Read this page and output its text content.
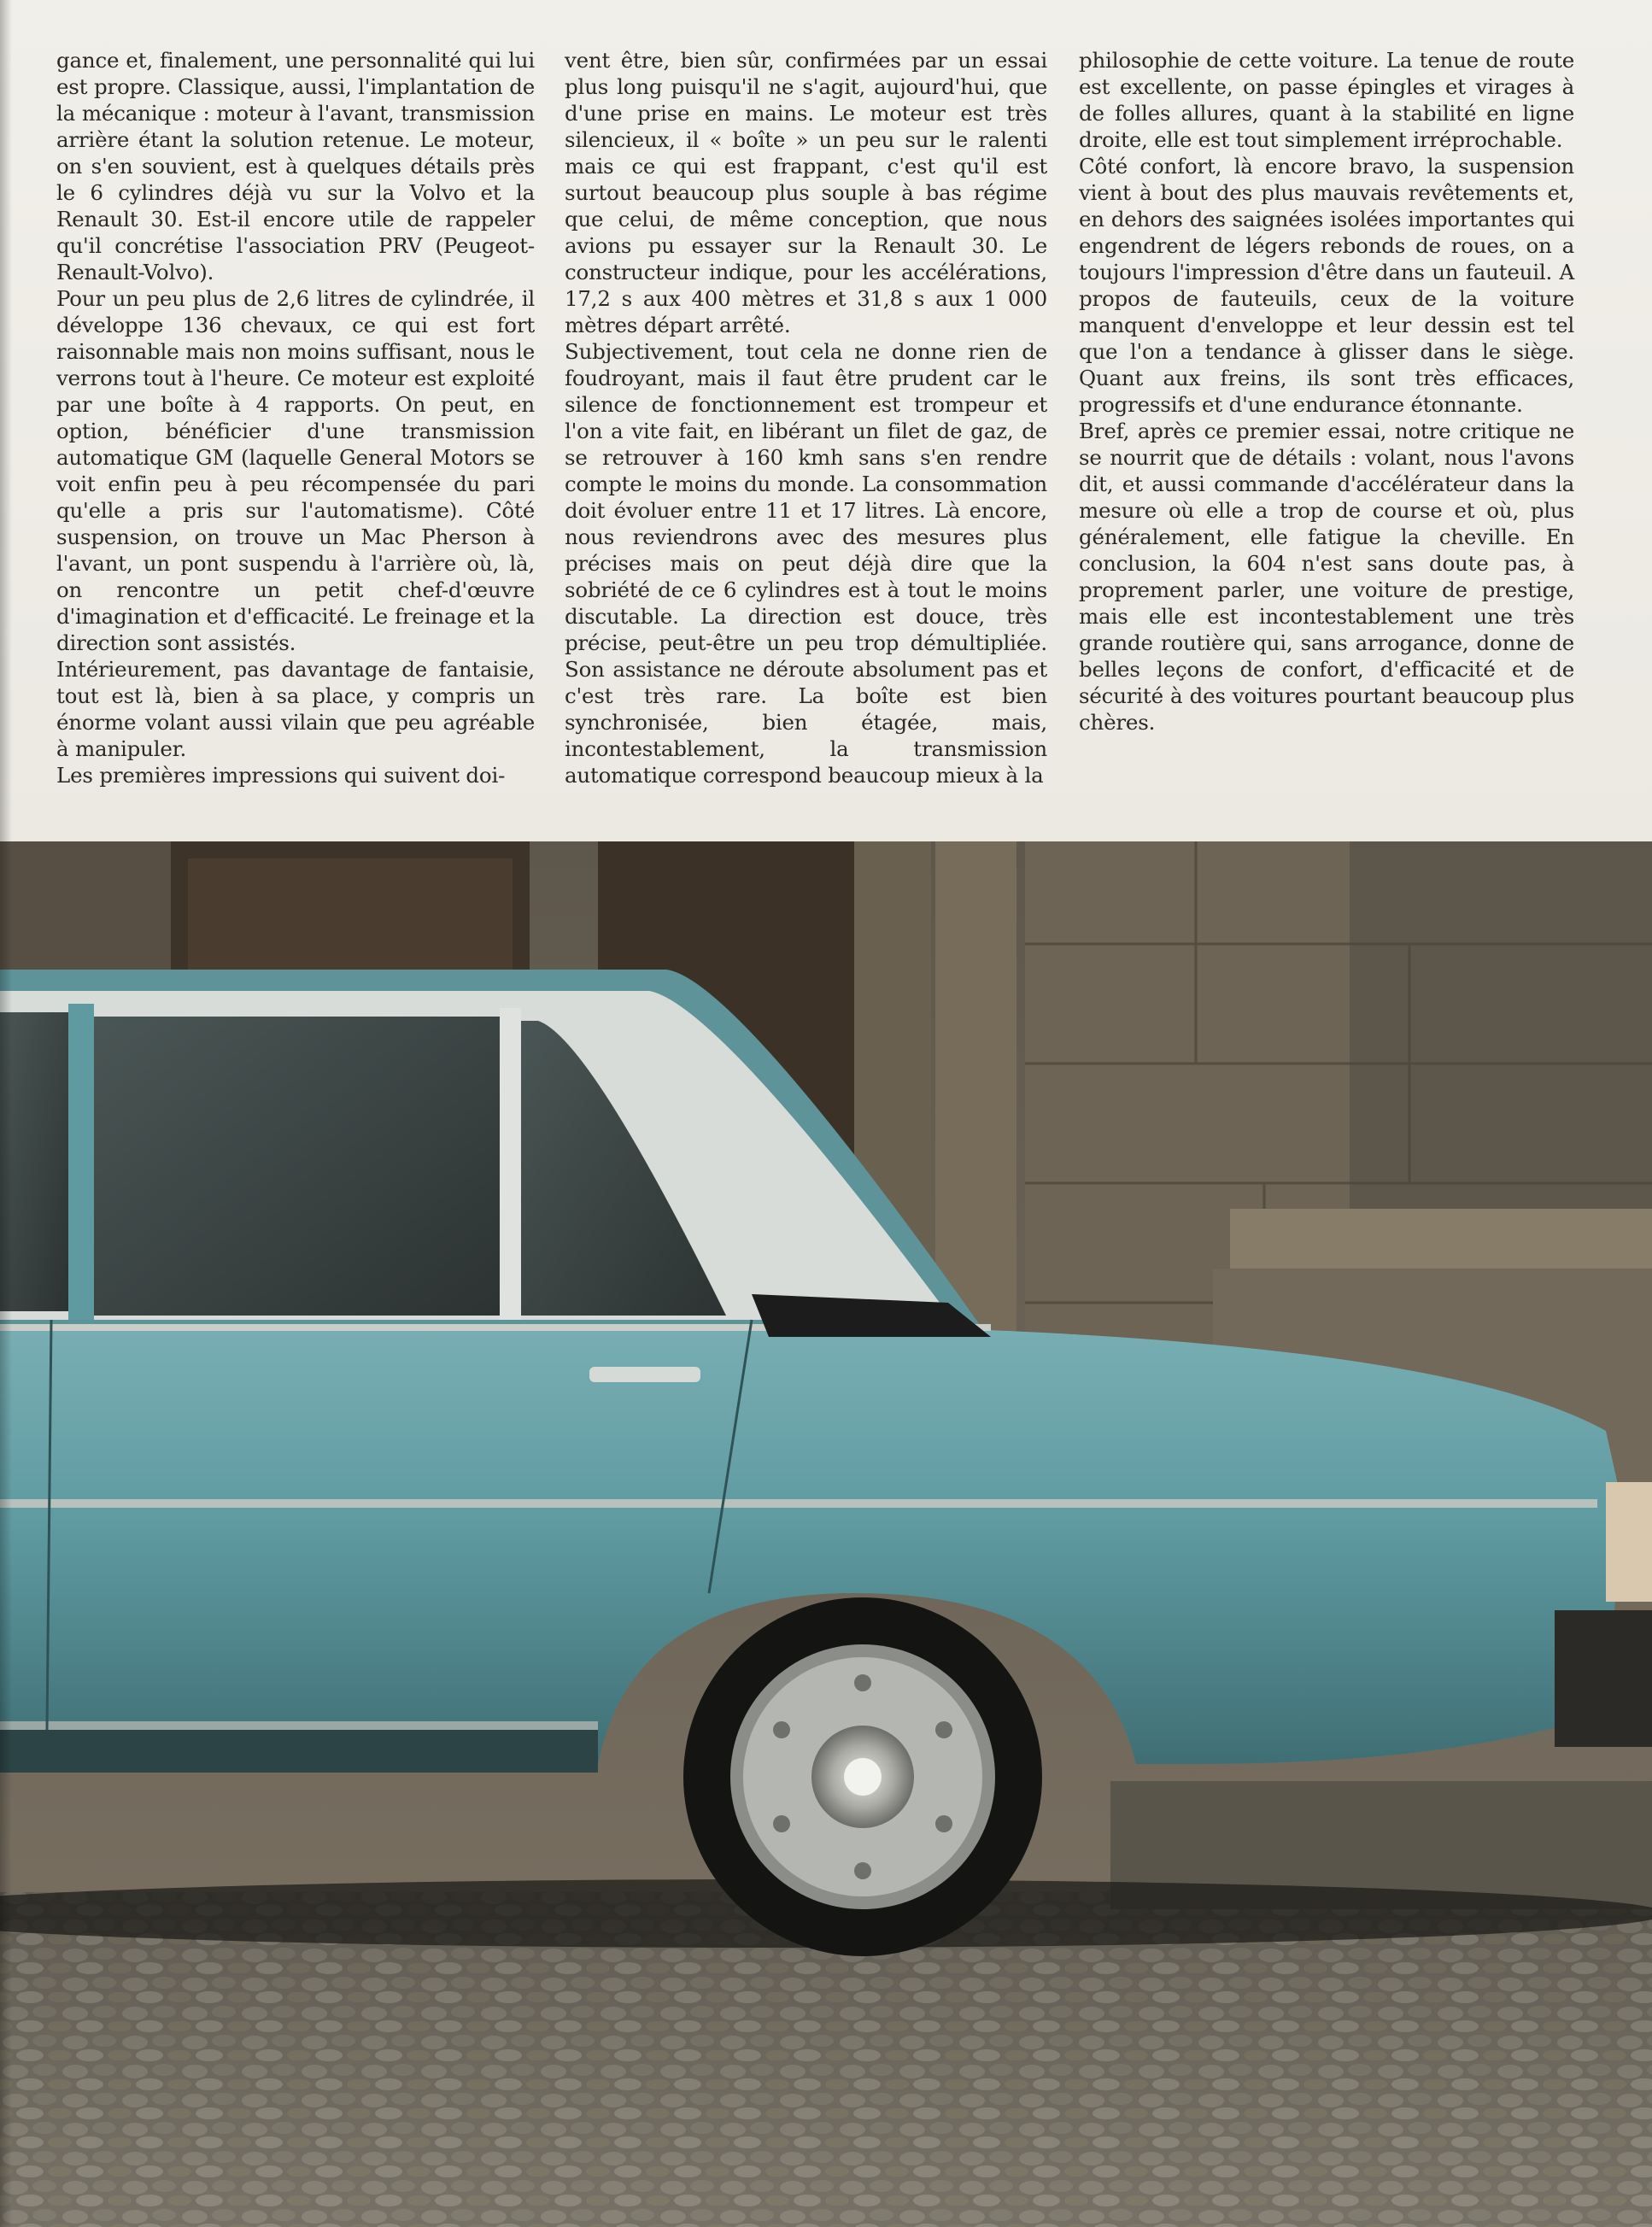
gance et, finalement, une personnalité qui lui est propre. Classique, aussi, l'implantation de la mécanique : moteur à l'avant, transmission arrière étant la solution retenue. Le moteur, on s'en souvient, est à quelques détails près le 6 cylindres déjà vu sur la Volvo et la Renault 30. Est-il encore utile de rappeler qu'il concrétise l'association PRV (Peugeot-Renault-Volvo).

Pour un peu plus de 2,6 litres de cylindrée, il développe 136 chevaux, ce qui est fort raisonnable mais non moins suffisant, nous le verrons tout à l'heure. Ce moteur est exploité par une boîte à 4 rapports. On peut, en option, bénéficier d'une transmission automatique GM (laquelle General Motors se voit enfin peu à peu récompensée du pari qu'elle a pris sur l'automatisme). Côté suspension, on trouve un Mac Pherson à l'avant, un pont suspendu à l'arrière où, là, on rencontre un petit chef-d'œuvre d'imagination et d'efficacité. Le freinage et la direction sont assistés.

Intérieurement, pas davantage de fantaisie, tout est là, bien à sa place, y compris un énorme volant aussi vilain que peu agréable à manipuler.

Les premières impressions qui suivent doi-

vent être, bien sûr, confirmées par un essai plus long puisqu'il ne s'agit, aujourd'hui, que d'une prise en mains. Le moteur est très silencieux, il « boîte » un peu sur le ralenti mais ce qui est frappant, c'est qu'il est surtout beaucoup plus souple à bas régime que celui, de même conception, que nous avions pu essayer sur la Renault 30. Le constructeur indique, pour les accélérations, 17,2 s aux 400 mètres et 31,8 s aux 1 000 mètres départ arrêté.

Subjectivement, tout cela ne donne rien de foudroyant, mais il faut être prudent car le silence de fonctionnement est trompeur et l'on a vite fait, en libérant un filet de gaz, de se retrouver à 160 kmh sans s'en rendre compte le moins du monde. La consommation doit évoluer entre 11 et 17 litres. Là encore, nous reviendrons avec des mesures plus précises mais on peut déjà dire que la sobriété de ce 6 cylindres est à tout le moins discutable. La direction est douce, très précise, peut-être un peu trop démultipliée. Son assistance ne déroute absolument pas et c'est très rare. La boîte est bien synchronisée, bien étagée, mais, incontestablement, la transmission automatique correspond beaucoup mieux à la

philosophie de cette voiture. La tenue de route est excellente, on passe épingles et virages à de folles allures, quant à la stabilité en ligne droite, elle est tout simplement irréprochable.

Côté confort, là encore bravo, la suspension vient à bout des plus mauvais revêtements et, en dehors des saignées isolées importantes qui engendrent de légers rebonds de roues, on a toujours l'impression d'être dans un fauteuil. A propos de fauteuils, ceux de la voiture manquent d'enveloppe et leur dessin est tel que l'on a tendance à glisser dans le siège. Quant aux freins, ils sont très efficaces, progressifs et d'une endurance étonnante.

Bref, après ce premier essai, notre critique ne se nourrit que de détails : volant, nous l'avons dit, et aussi commande d'accélérateur dans la mesure où elle a trop de course et où, plus généralement, elle fatigue la cheville. En conclusion, la 604 n'est sans doute pas, à proprement parler, une voiture de prestige, mais elle est incontestablement une très grande routière qui, sans arrogance, donne de belles leçons de confort, d'efficacité et de sécurité à des voitures pourtant beaucoup plus chères.
